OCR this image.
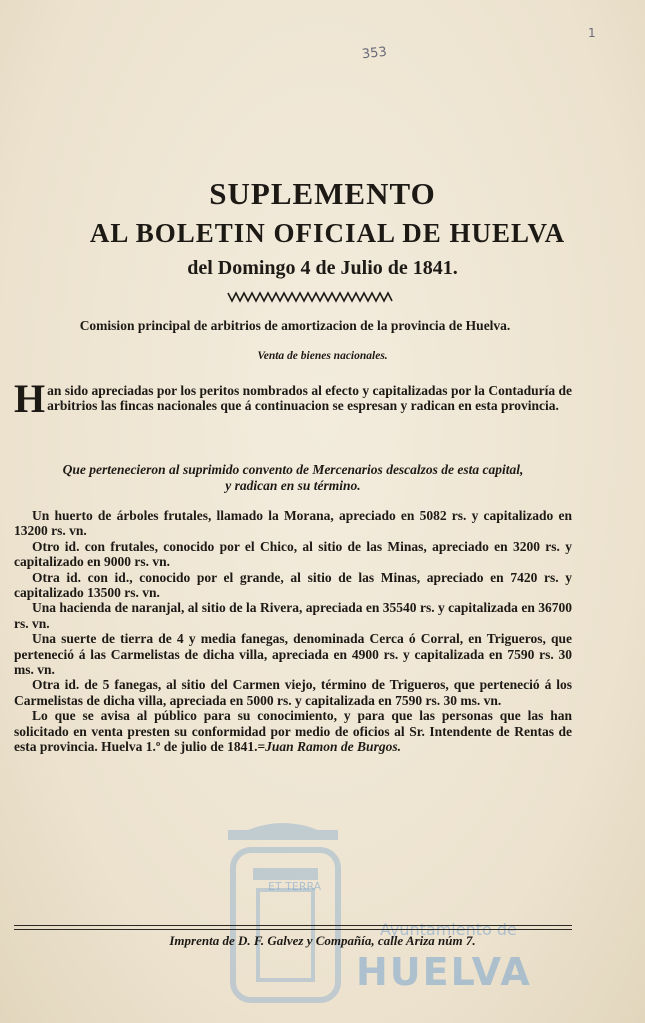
353
1
SUPLEMENTO
AL BOLETIN OFICIAL DE HUELVA
del Domingo 4 de Julio de 1841.
Comision principal de arbitrios de amortizacion de la provincia de Huelva.
Venta de bienes nacionales.
H an sido apreciadas por los peritos nombrados al efecto y capitalizadas por la Contaduría de arbitrios las fincas nacionales que á continuacion se espresan y radican en esta provincia.
Que pertenecieron al suprimido convento de Mercenarios descalzos de esta capital,
y radican en su término.

Un huerto de árboles frutales, llamado la Morana, apreciado en 5082 rs. y capitalizado en 13200 rs. vn.

Otro id. con frutales, conocido por el Chico, al sitio de las Minas, apreciado en 3200 rs. y capitalizado en 9000 rs. vn.

Otra id. con id., conocido por el grande, al sitio de las Minas, apreciado en 7420 rs. y capitalizado 13500 rs. vn.

Una hacienda de naranjal, al sitio de la Rivera, apreciada en 35540 rs. y capitalizada en 36700 rs. vn.

Una suerte de tierra de 4 y media fanegas, denominada Cerca ó Corral, en Trigueros, que perteneció á las Carmelistas de dicha villa, apreciada en 4900 rs. y capitalizada en 7590 rs. 30 ms. vn.

Otra id. de 5 fanegas, al sitio del Carmen viejo, término de Trigueros, que perteneció á los Carmelistas de dicha villa, apreciada en 5000 rs. y capitalizada en 7590 rs. 30 ms. vn.

Lo que se avisa al público para su conocimiento, y para que las personas que las han solicitado en venta presten su conformidad por medio de oficios al Sr. Intendente de Rentas de esta provincia. Huelva 1.º de julio de 1841.=Juan Ramon de Burgos.

ET TERRA
Ayuntamiento de
HUELVA
Imprenta de D. F. Galvez y Compañía, calle Ariza núm 7.
